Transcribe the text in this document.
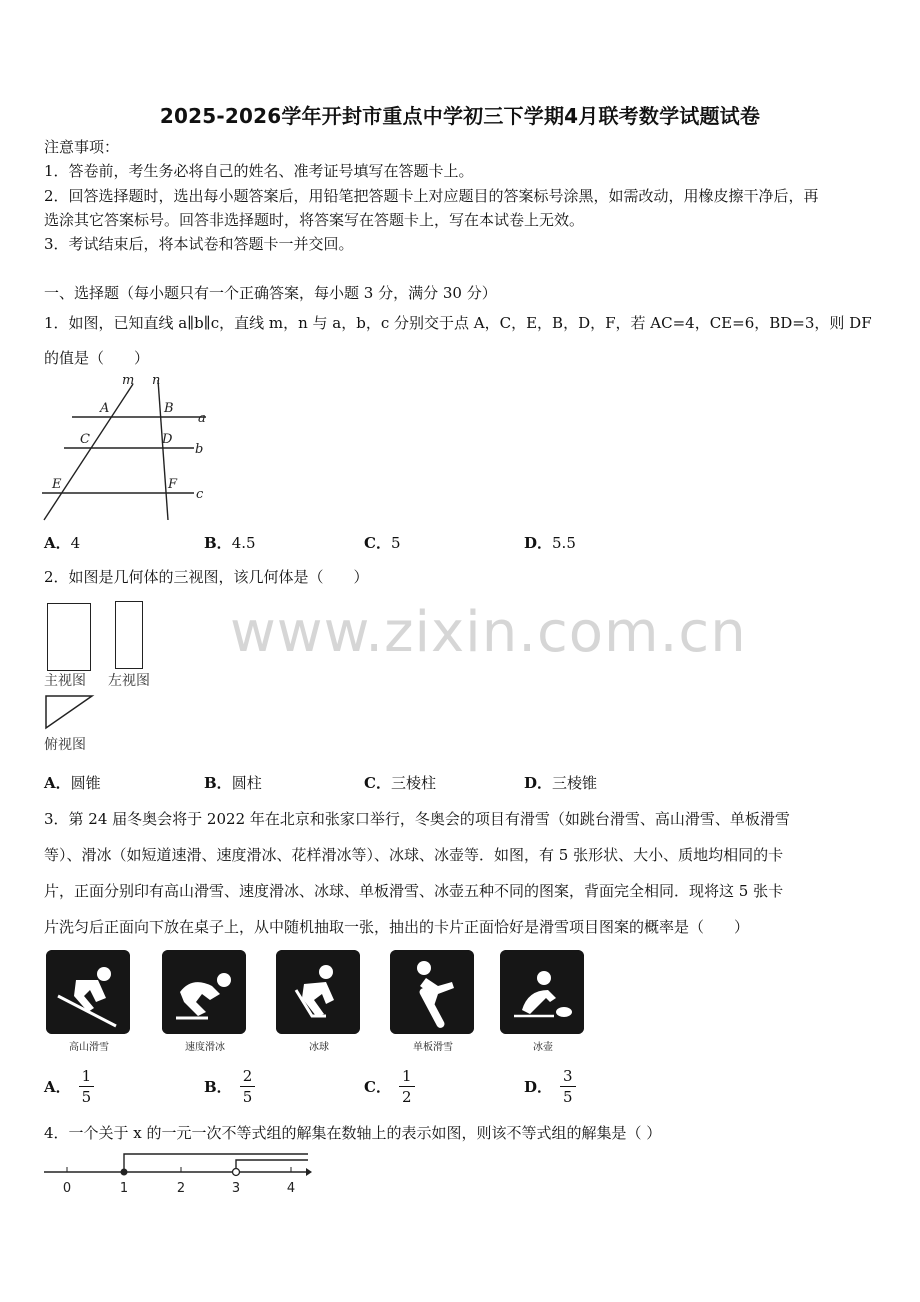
2025-2026学年开封市重点中学初三下学期4月联考数学试题试卷
注意事项：
1．答卷前，考生务必将自己的姓名、准考证号填写在答题卡上。
2．回答选择题时，选出每小题答案后，用铅笔把答题卡上对应题目的答案标号涂黑，如需改动，用橡皮擦干净后，再
选涂其它答案标号。回答非选择题时，将答案写在答题卡上，写在本试卷上无效。
3．考试结束后，将本试卷和答题卡一并交回。
一、选择题（每小题只有一个正确答案，每小题 3 分，满分 30 分）
1．如图，已知直线 a∥b∥c，直线 m，n 与 a，b，c 分别交于点 A，C，E，B，D，F，若 AC=4，CE=6，BD=3，则 DF
的值是（　　）
m n
A	B
C	D
E	F
a
b
c
A．4	B．4.5	C．5	D．5.5
2．如图是几何体的三视图，该几何体是（　　）
主视图 左视图
俯视图
www.zixin.com.cn
A．圆锥	B．圆柱	C．三棱柱	D．三棱锥
3．第 24 届冬奥会将于 2022 年在北京和张家口举行，冬奥会的项目有滑雪（如跳台滑雪、高山滑雪、单板滑雪
等）、滑冰（如短道速滑、速度滑冰、花样滑冰等）、冰球、冰壶等．如图，有 5 张形状、大小、质地均相同的卡
片，正面分别印有高山滑雪、速度滑冰、冰球、单板滑雪、冰壶五种不同的图案，背面完全相同．现将这 5 张卡
片洗匀后正面向下放在桌子上，从中随机抽取一张，抽出的卡片正面恰好是滑雪项目图案的概率是（　　）
高山滑雪	速度滑冰	冰球	单板滑雪	冰壶
A． $\frac{1}{5}$	B． $\frac{2}{5}$	C． $\frac{1}{2}$	D． $\frac{3}{5}$
4．一个关于 x 的一元一次不等式组的解集在数轴上的表示如图，则该不等式组的解集是（ ）
0	1	2	3	4
